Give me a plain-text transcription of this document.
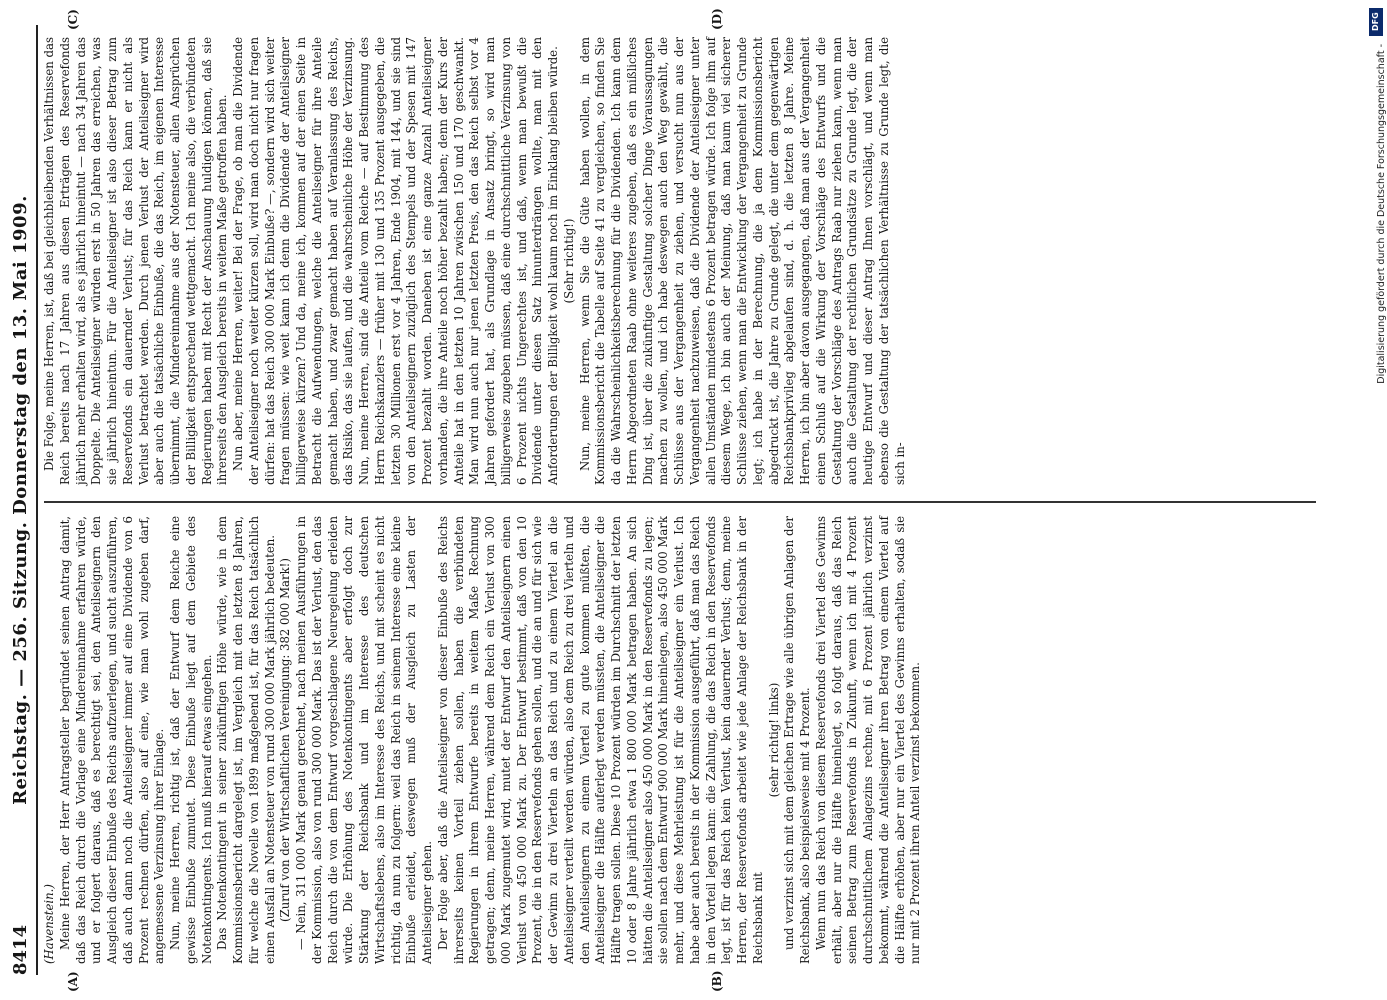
8414
Reichstag. — 256. Sitzung. Donnerstag den 13. Mai 1909.
(A)	(B)
(C)	(D)

(Havenstein.) Meine Herren, der Herr Antragsteller begründet seinen Antrag damit, daß das Reich durch die Vorlage eine Mindereinnahme erfahren würde, und er folgert daraus, daß es berechtigt sei, den Anteilseignern den Ausgleich dieser Einbuße des Reichs aufzuerlegen, und sucht auszuführen, daß auch dann noch die Anteilseigner immer auf eine Dividende von 6 Prozent rechnen dürfen, also auf eine, wie man wohl zugeben darf, angemessene Verzinsung ihrer Einlage. Nun, meine Herren, richtig ist, daß der Entwurf dem Reiche eine gewisse Einbuße zumutet. Diese Einbuße liegt auf dem Gebiete des Notenkontingents. Ich muß hierauf etwas eingehen. Das Notenkontingent in seiner zukünftigen Höhe würde, wie in dem Kommissionsbericht dargelegt ist, im Vergleich mit den letzten 8 Jahren, für welche die Novelle von 1899 maßgebend ist, für das Reich tatsächlich einen Ausfall an Notensteuer von rund 300 000 Mark jährlich bedeuten. (Zuruf von der Wirtschaftlichen Vereinigung: 382 000 Mark!) — Nein, 311 000 Mark genau gerechnet, nach meinen Ausführungen in der Kommission, also von rund 300 000 Mark. Das ist der Verlust, den das Reich durch die von dem Entwurf vorgeschlagene Neuregelung erleiden würde. Die Erhöhung des Notenkontingents aber erfolgt doch zur Stärkung der Reichsbank und im Interesse des deutschen Wirtschaftslebens, also im Interesse des Reichs, und mit scheint es nicht richtig, da nun zu folgern: weil das Reich in seinem Interesse eine kleine Einbuße erleidet, deswegen muß der Ausgleich zu Lasten der Anteilseigner gehen. Der Folge aber, daß die Anteilseigner von dieser Einbuße des Reichs ihrerseits keinen Vorteil ziehen sollen, haben die verbündeten Regierungen in ihrem Entwurfe bereits in weitem Maße Rechnung getragen; denn, meine Herren, während dem Reich ein Verlust von 300 000 Mark zugemutet wird, mutet der Entwurf den Anteilseignern einen Verlust von 450 000 Mark zu. Der Entwurf bestimmt, daß von den 10 Prozent, die in den Reservefonds gehen sollen, und die an und für sich wie der Gewinn zu drei Vierteln an das Reich und zu einem Viertel an die Anteilseigner verteilt werden würden, also dem Reich zu drei Vierteln und den Anteilseignern zu einem Viertel zu gute kommen müßten, die Anteilseigner die Hälfte auferlegt werden müssten, die Anteilseigner die Hälfte tragen sollen. Diese 10 Prozent würden im Durchschnitt der letzten 10 oder 8 Jahre jährlich etwa 1 800 000 Mark betragen haben. An sich hätten die Anteilseigner also 450 000 Mark in den Reservefonds zu legen; sie sollen nach dem Entwurf 900 000 Mark hineinlegen, also 450 000 Mark mehr, und diese Mehrleistung ist für die Anteilseigner ein Verlust. Ich habe aber auch bereits in der Kommission ausgeführt, daß man das Reich in den Vorteil legen kann: die Zahlung, die das Reich in den Reservefonds legt, ist für das Reich kein Verlust, kein dauernder Verlust; denn, meine Herren, der Reservefonds arbeitet wie jede Anlage der Reichsbank in der Reichsbank mit

(sehr richtig! links) und verzinst sich mit dem gleichen Ertrage wie alle übrigen Anlagen der Reichsbank, also beispielsweise mit 4 Prozent. Wenn nun das Reich von diesem Reservefonds drei Viertel des Gewinns erhält, aber nur die Hälfte hineinlegt, so folgt daraus, daß das Reich seinen Betrag zum Reservefonds in Zukunft, wenn ich mit 4 Prozent durchschnittlichem Anlagezins rechne, mit 6 Prozent jährlich verzinst bekommt, während die Anteilseigner ihren Betrag von einem Viertel auf die Hälfte erhöhen, aber nur ein Viertel des Gewinns erhalten, sodaß sie nur mit 2 Prozent ihren Anteil verzinst bekommen.

Die Folge, meine Herren, ist, daß bei gleichbleibenden Verhältnissen das Reich bereits nach 17 Jahren aus diesen Erträgen des Reservefonds jährlich mehr erhalten wird, als es jährlich hineintut — nach 34 Jahren das Doppelte. Die Anteilseigner würden erst in 50 Jahren das erreichen, was sie jährlich hineintun. Für die Anteilseigner ist also dieser Betrag zum Reservefonds ein dauernder Verlust; für das Reich kann er nicht als Verlust betrachtet werden. Durch jenen Verlust der Anteilseigner wird aber auch die tatsächliche Einbuße, die das Reich, im eigenen Interesse übernimmt, die Mindereinnahme aus der Notensteuer, allen Ansprüchen der Billigkeit entsprechend wettgemacht. Ich meine also, die verbündeten Regierungen haben mit Recht der Anschauung huldigen können, daß sie ihrerseits den Ausgleich bereits in weitem Maße getroffen haben. Nun aber, meine Herren, weiter! Bei der Frage, ob man die Dividende der Anteilseigner noch weiter kürzen soll, wird man doch nicht nur fragen dürfen: hat das Reich 300 000 Mark Einbuße? —, sondern wird sich weiter fragen müssen: wie weit kann ich denn die Dividende der Anteilseigner billigerweise kürzen? Und da, meine ich, kommen auf der einen Seite in Betracht die Aufwendungen, welche die Anteilseigner für ihre Anteile gemacht haben, und zwar gemacht haben auf Veranlassung des Reichs, das Risiko, das sie laufen, und die wahrscheinliche Höhe der Verzinsung. Nun, meine Herren, sind die Anteile vom Reiche — auf Bestimmung des Herrn Reichskanzlers — früher mit 130 und 135 Prozent ausgegeben, die letzten 30 Millionen erst vor 4 Jahren, Ende 1904, mit 144, und sie sind von den Anteilseignern zuzüglich des Stempels und der Spesen mit 147 Prozent bezahlt worden. Daneben ist eine ganze Anzahl Anteilseigner vorhanden, die ihre Anteile noch höher bezahlt haben; denn der Kurs der Anteile hat in den letzten 10 Jahren zwischen 150 und 170 geschwankt. Man wird nun auch nur jenen letzten Preis, den das Reich selbst vor 4 Jahren gefordert hat, als Grundlage in Ansatz bringt, so wird man billigerweise zugeben müssen, daß eine durchschnittliche Verzinsung von 6 Prozent nichts Ungerechtes ist, und daß, wenn man bewußt die Dividende unter diesen Satz hinunterdrängen wollte, man mit den Anforderungen der Billigkeit wohl kaum noch im Einklang bleiben würde. (Sehr richtig!) Nun, meine Herren, wenn Sie die Güte haben wollen, in dem Kommissionsbericht die Tabelle auf Seite 41 zu vergleichen, so finden Sie da die Wahrscheinlichkeitsberechnung für die Dividenden. Ich kann dem Herrn Abgeordneten Raab ohne weiteres zugeben, daß es ein mißliches Ding ist, über die zukünftige Gestaltung solcher Dinge Voraussagungen machen zu wollen, und ich habe deswegen auch den Weg gewählt, die Schlüsse aus der Vergangenheit zu ziehen, und versucht nun aus der Vergangenheit nachzuweisen, daß die Dividende der Anteilseigner unter allen Umständen mindestens 6 Prozent betragen würde. Ich folge ihm auf diesem Wege, ich bin auch der Meinung, daß man kaum viel sicherer Schlüsse ziehen, wenn man die Entwicklung der Vergangenheit zu Grunde legt; ich habe in der Berechnung, die ja dem Kommissionsbericht abgedruckt ist, die Jahre zu Grunde gelegt, die unter dem gegenwärtigen Reichsbankprivileg abgelaufen sind, d. h. die letzten 8 Jahre. Meine Herren, ich bin aber davon ausgegangen, daß man aus der Vergangenheit einen Schluß auf die Wirkung der Vorschläge des Entwurfs und die Gestaltung der Vorschläge des Antrags Raab nur ziehen kann, wenn man auch die Gestaltung der rechtlichen Grundsätze zu Grunde legt, die der heutige Entwurf und dieser Antrag Ihnen vorschlägt, und wenn man ebenso die Gestaltung der tatsächlichen Verhältnisse zu Grunde legt, die sich in-

DFG
Digitalisierung gefördert durch die Deutsche Forschungsgemeinschaft -
